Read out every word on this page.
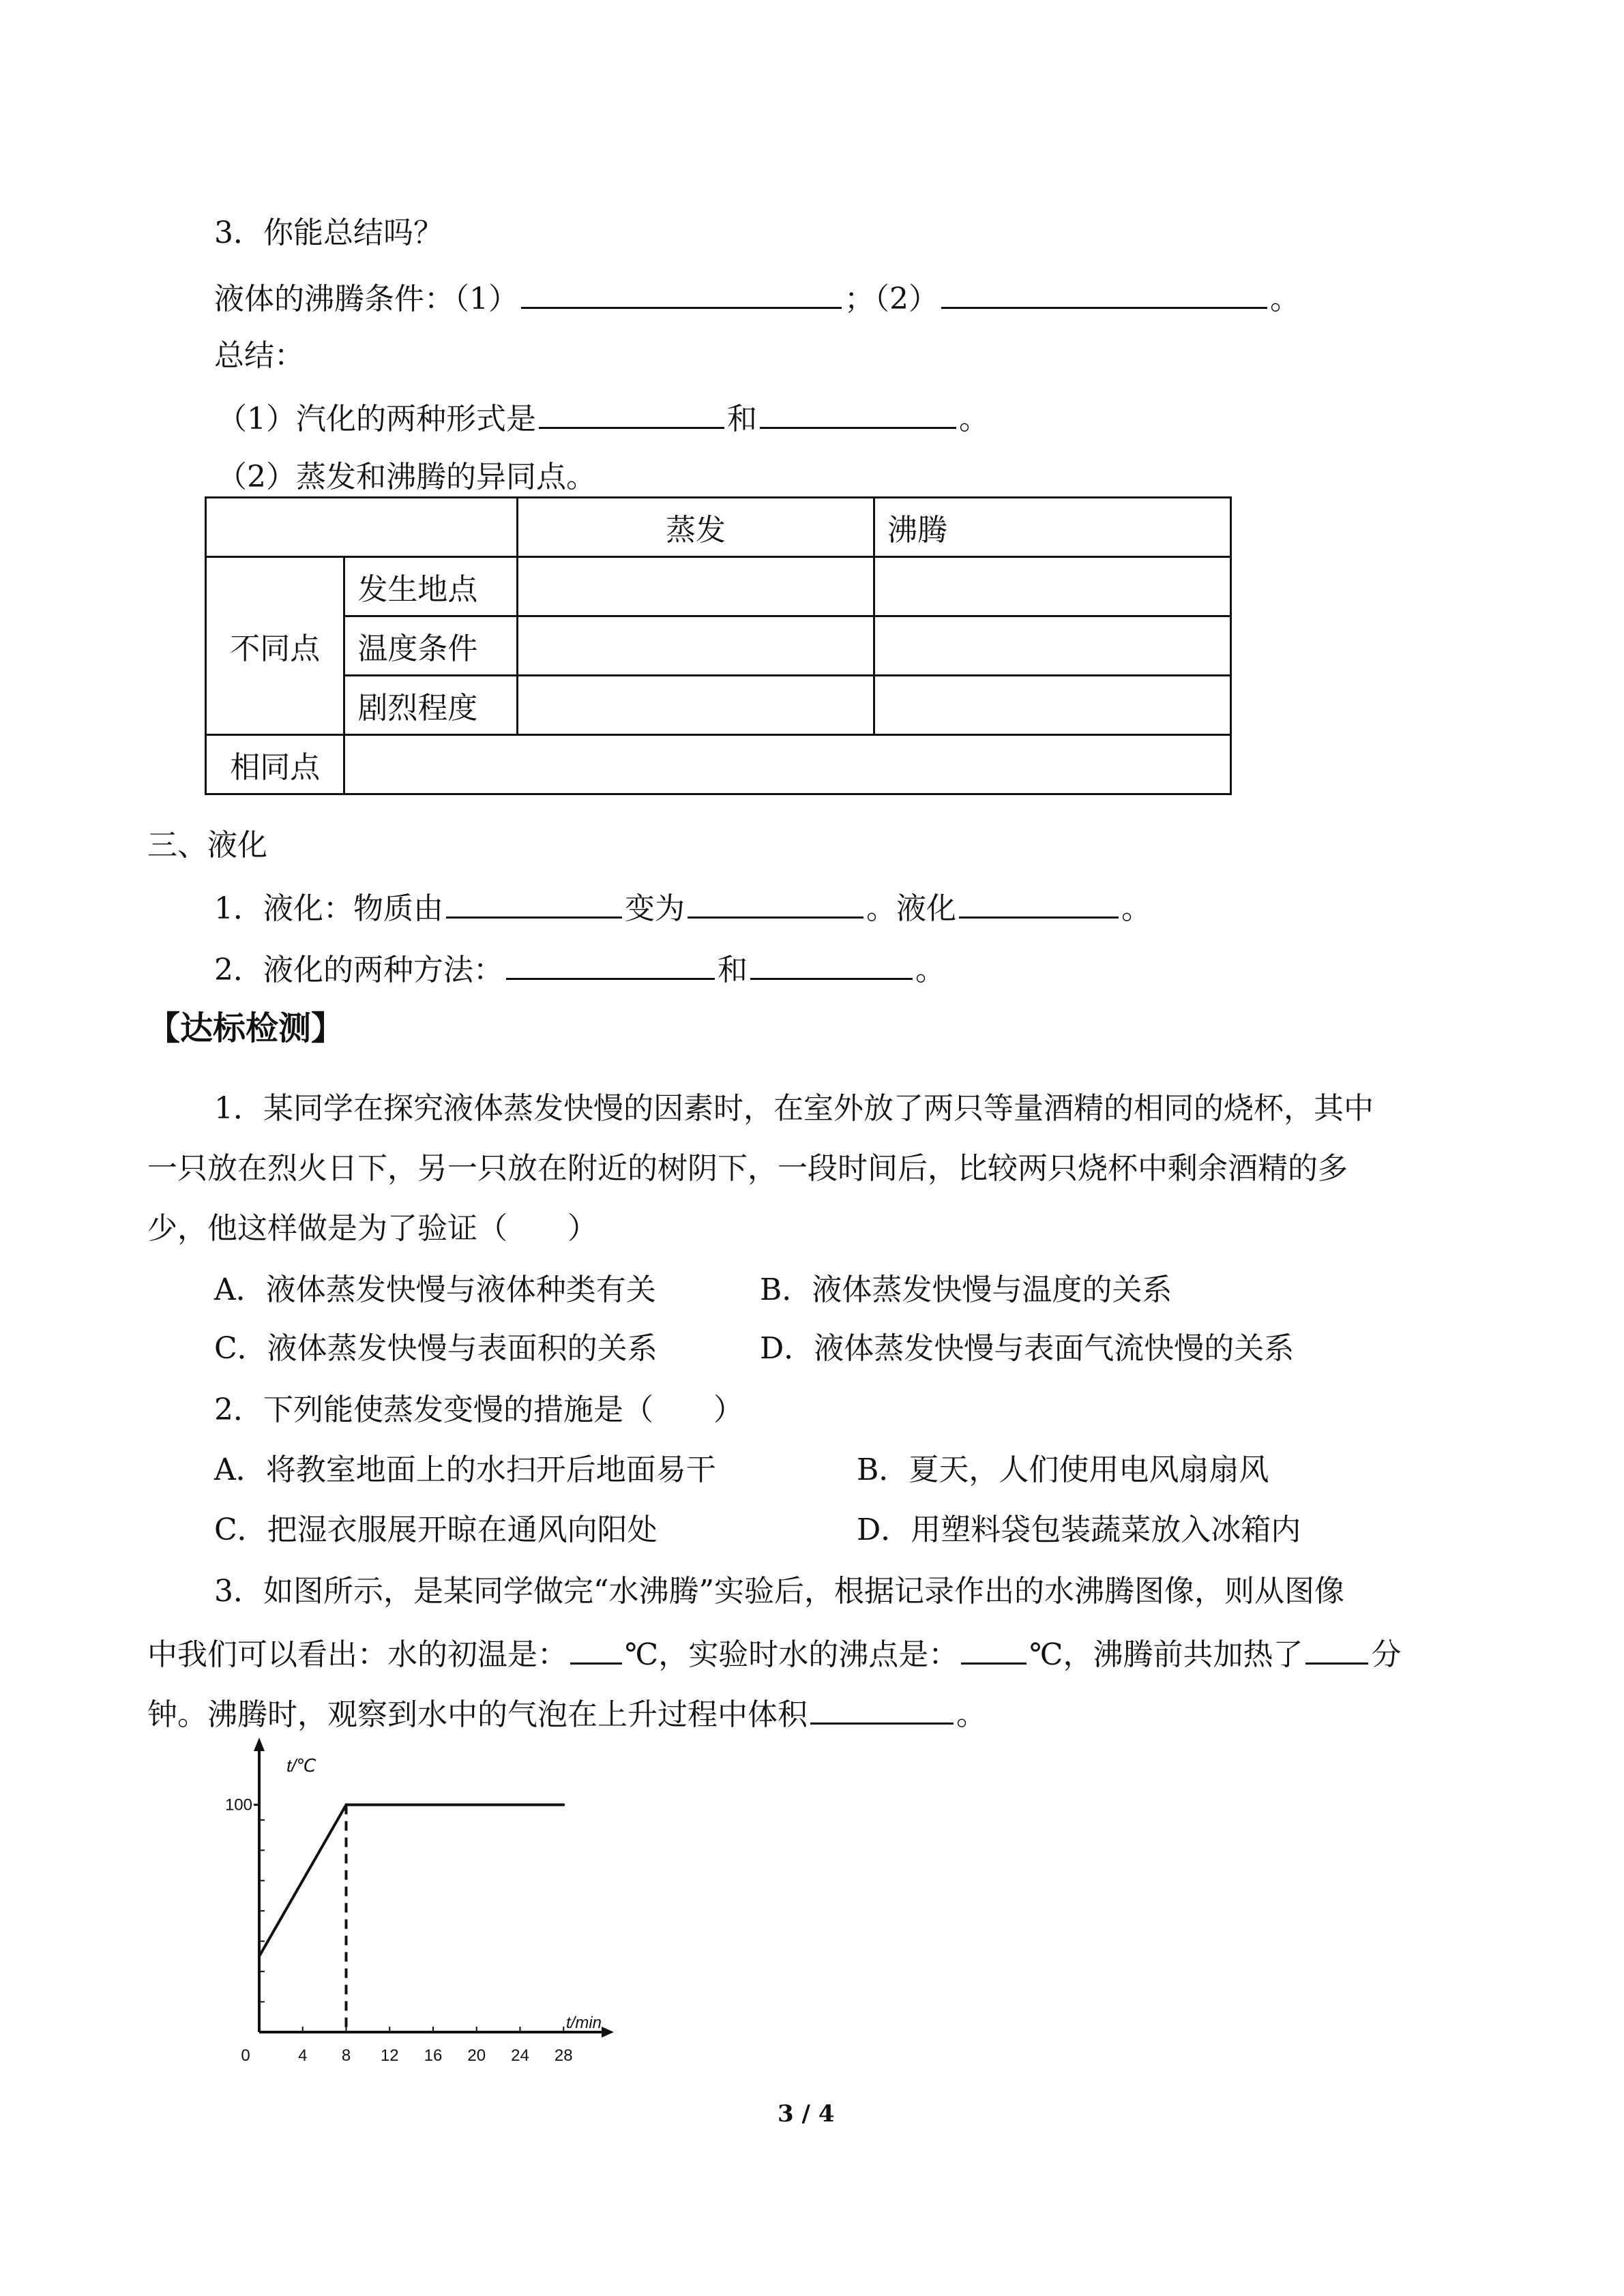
3．你能总结吗？
液体的沸腾条件：（1）	；（2）	。
总结：
（1）汽化的两种形式是	和	。
（2）蒸发和沸腾的异同点。
		蒸发	沸腾
不同点	发生地点		
	温度条件		
	剧烈程度		
相同点			
三、液化
1．液化：物质由	变为	。液化	。
2．液化的两种方法：	和	。
【达标检测】
1．某同学在探究液体蒸发快慢的因素时，在室外放了两只等量酒精的相同的烧杯，其中
一只放在烈火日下，另一只放在附近的树阴下，一段时间后，比较两只烧杯中剩余酒精的多
少，他这样做是为了验证（　　）
A．液体蒸发快慢与液体种类有关	B．液体蒸发快慢与温度的关系
C．液体蒸发快慢与表面积的关系	D．液体蒸发快慢与表面气流快慢的关系
2．下列能使蒸发变慢的措施是（　　）
A．将教室地面上的水扫开后地面易干	B．夏天，人们使用电风扇扇风
C．把湿衣服展开晾在通风向阳处	D．用塑料袋包装蔬菜放入冰箱内
3．如图所示，是某同学做完“水沸腾”实验后，根据记录作出的水沸腾图像，则从图像
中我们可以看出：水的初温是： ℃，实验时水的沸点是： ℃，沸腾前共加热了 分
钟。沸腾时，观察到水中的气泡在上升过程中体积	。
t/℃
t/min
100
0	4 8 12 16 20 24 28
3 / 4
